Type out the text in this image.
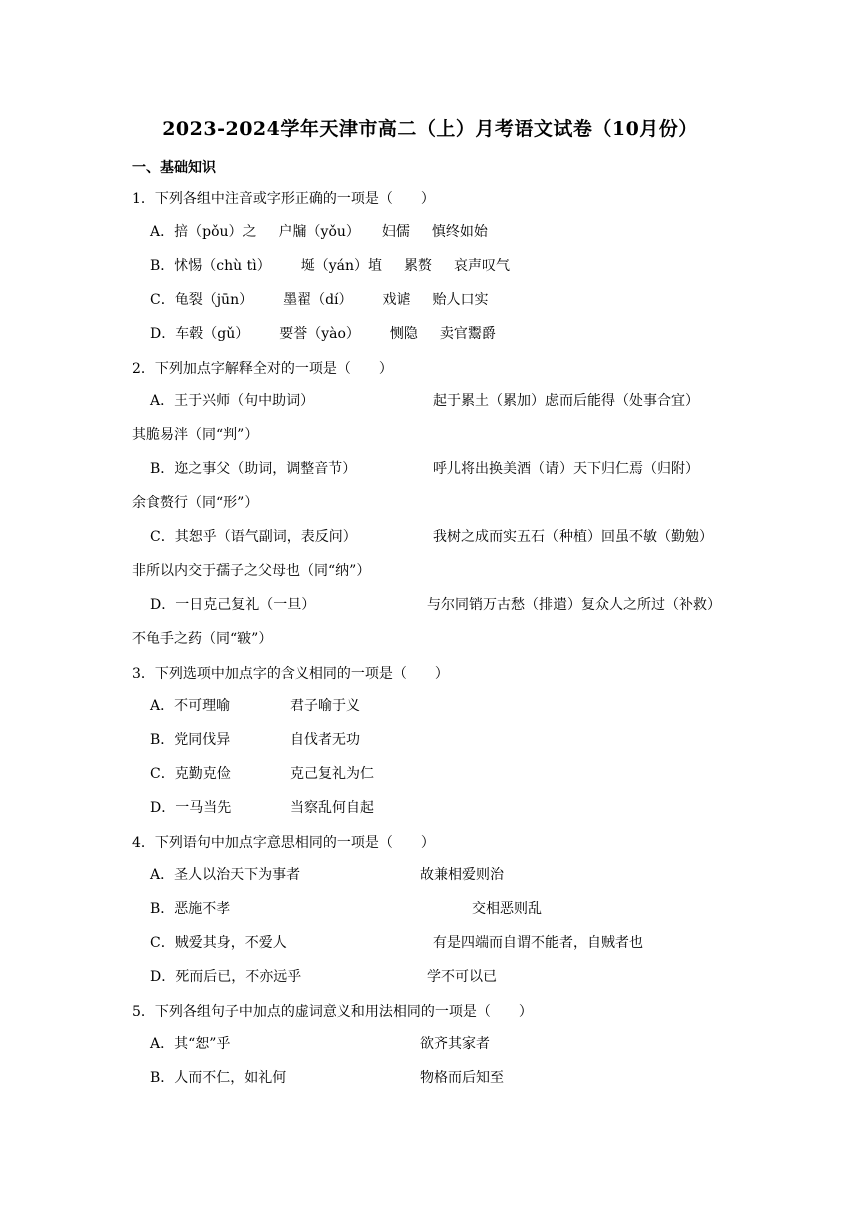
2023-2024学年天津市高二（上）月考语文试卷（10月份）
一、基础知识
1．下列各组中注音或字形正确的一项是（　　）
A．掊（pǒu）之 户牖（yǒu） 妇儒 慎终如始
B．怵惕（chù tì） 埏（yán）埴 累赘 哀声叹气
C．龟裂（jūn） 墨翟（dí） 戏谑 贻人口实
D．车毂（gǔ） 要誉（yào） 恻隐 卖官鬻爵
2．下列加点字解释全对的一项是（　　）
A．王于兴师（句中助词）	起于累土（累加）虑而后能得（处事合宜）
其脆易泮（同“判”）
B．迩之事父（助词，调整音节）	呼儿将出换美酒（请）天下归仁焉（归附）
余食赘行（同“形”）
C．其恕乎（语气副词，表反问）	我树之成而实五石（种植）回虽不敏（勤勉）
非所以内交于孺子之父母也（同“纳”）
D．一日克己复礼（一旦）	与尔同销万古愁（排遣）复众人之所过（补救）
不龟手之药（同“皲”）
3．下列选项中加点字的含义相同的一项是（　　）
A．不可理喻	君子喻于义
B．党同伐异	自伐者无功
C．克勤克俭	克己复礼为仁
D．一马当先	当察乱何自起
4．下列语句中加点字意思相同的一项是（　　）
A．圣人以治天下为事者	故兼相爱则治
B．恶施不孝	交相恶则乱
C．贼爱其身，不爱人	有是四端而自谓不能者，自贼者也
D．死而后已，不亦远乎	学不可以已
5．下列各组句子中加点的虚词意义和用法相同的一项是（　　）
A．其“恕”乎	欲齐其家者
B．人而不仁，如礼何	物格而后知至
